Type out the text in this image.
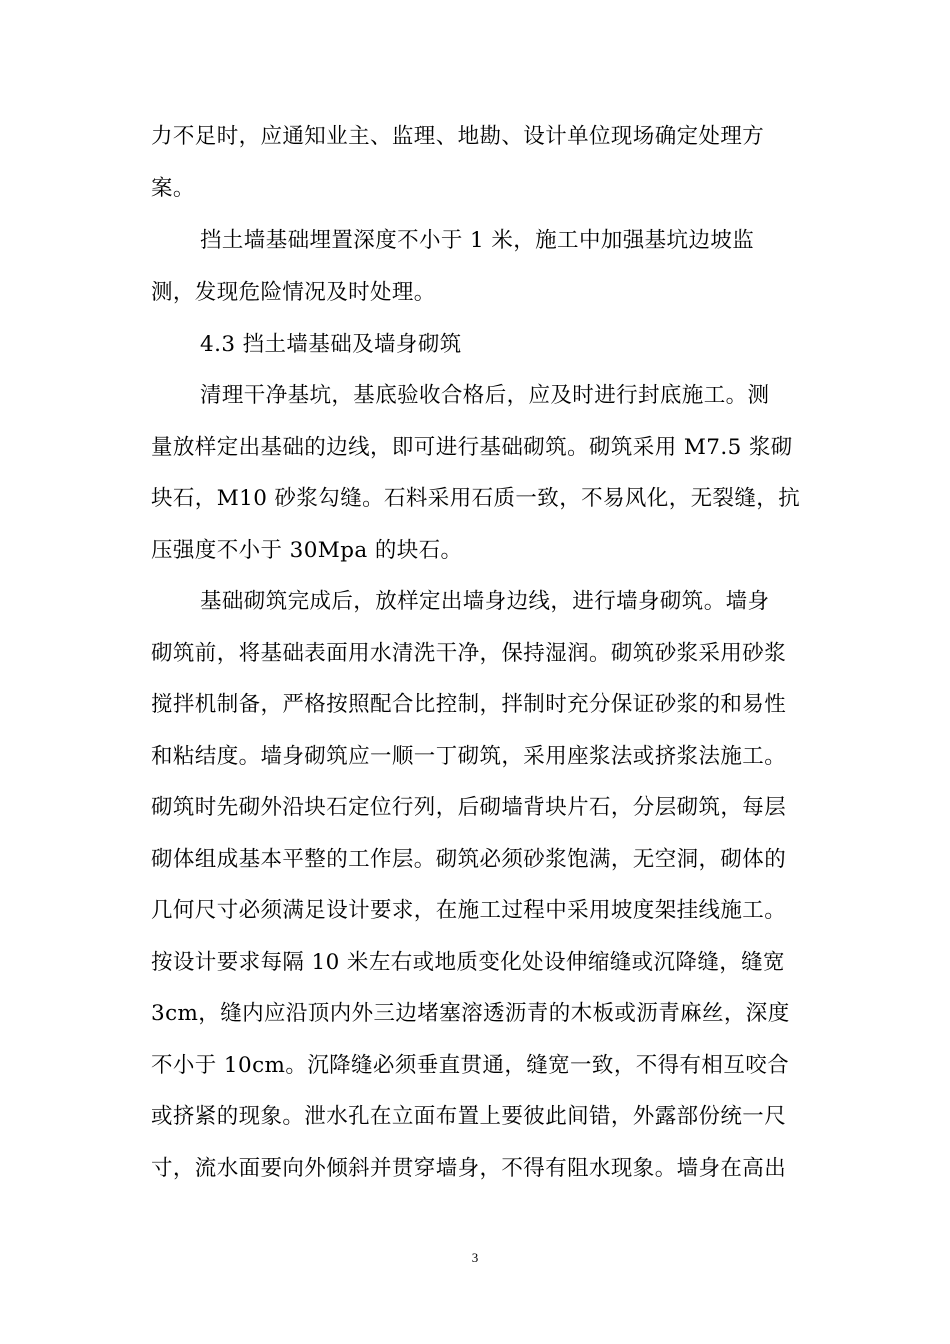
力不足时，应通知业主、监理、地勘、设计单位现场确定处理方
案。
挡土墙基础埋置深度不小于 1 米，施工中加强基坑边坡监
测，发现危险情况及时处理。
4.3 挡土墙基础及墙身砌筑
清理干净基坑，基底验收合格后，应及时进行封底施工。测
量放样定出基础的边线，即可进行基础砌筑。砌筑采用 M7.5 浆砌
块石，M10 砂浆勾缝。石料采用石质一致，不易风化，无裂缝，抗
压强度不小于 30Mpa 的块石。
基础砌筑完成后，放样定出墙身边线，进行墙身砌筑。墙身
砌筑前，将基础表面用水清洗干净，保持湿润。砌筑砂浆采用砂浆
搅拌机制备，严格按照配合比控制，拌制时充分保证砂浆的和易性
和粘结度。墙身砌筑应一顺一丁砌筑，采用座浆法或挤浆法施工。
砌筑时先砌外沿块石定位行列，后砌墙背块片石，分层砌筑，每层
砌体组成基本平整的工作层。砌筑必须砂浆饱满，无空洞，砌体的
几何尺寸必须满足设计要求，在施工过程中采用坡度架挂线施工。
按设计要求每隔 10 米左右或地质变化处设伸缩缝或沉降缝，缝宽
3cm，缝内应沿顶内外三边堵塞溶透沥青的木板或沥青麻丝，深度
不小于 10cm。沉降缝必须垂直贯通，缝宽一致，不得有相互咬合
或挤紧的现象。泄水孔在立面布置上要彼此间错，外露部份统一尺
寸，流水面要向外倾斜并贯穿墙身，不得有阻水现象。墙身在高出
3
